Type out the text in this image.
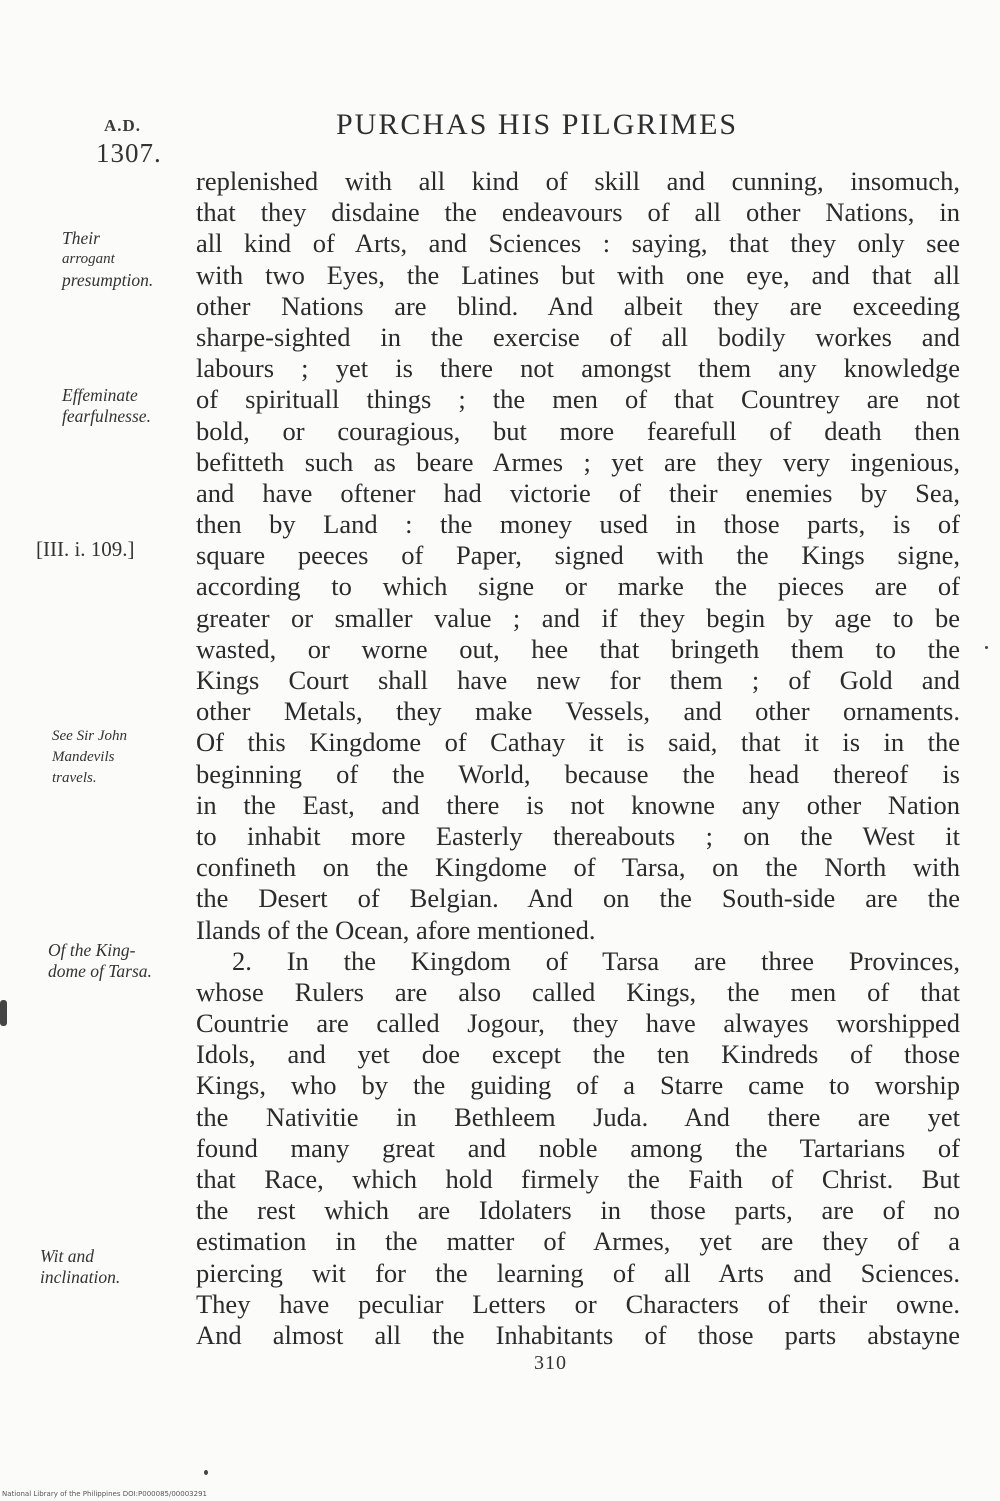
A.D.
1307.
PURCHAS HIS PILGRIMES
Their
arrogant
presumption.
Effeminate
fearfulnesse.
[III. i. 109.]
See Sir John
Mandevils
travels.
Of the King-
dome of Tarsa.
Wit and
inclination.
replenished with all kind of skill and cunning, insomuch,
that they disdaine the endeavours of all other Nations, in
all kind of Arts, and Sciences : saying, that they only see
with two Eyes, the Latines but with one eye, and that all
other Nations are blind. And albeit they are exceeding
sharpe-sighted in the exercise of all bodily workes and
labours ; yet is there not amongst them any knowledge
of spirituall things ; the men of that Countrey are not
bold, or couragious, but more fearefull of death then
befitteth such as beare Armes ; yet are they very ingenious,
and have oftener had victorie of their enemies by Sea,
then by Land : the money used in those parts, is of
square peeces of Paper, signed with the Kings signe,
according to which signe or marke the pieces are of
greater or smaller value ; and if they begin by age to be
wasted, or worne out, hee that bringeth them to the
Kings Court shall have new for them ; of Gold and
other Metals, they make Vessels, and other ornaments.
Of this Kingdome of Cathay it is said, that it is in the
beginning of the World, because the head thereof is
in the East, and there is not knowne any other Nation
to inhabit more Easterly thereabouts ; on the West it
confineth on the Kingdome of Tarsa, on the North with
the Desert of Belgian. And on the South-side are the
Ilands of the Ocean, afore mentioned.
2. In the Kingdom of Tarsa are three Provinces,
whose Rulers are also called Kings, the men of that
Countrie are called Jogour, they have alwayes worshipped
Idols, and yet doe except the ten Kindreds of those
Kings, who by the guiding of a Starre came to worship
the Nativitie in Bethleem Juda. And there are yet
found many great and noble among the Tartarians of
that Race, which hold firmely the Faith of Christ. But
the rest which are Idolaters in those parts, are of no
estimation in the matter of Armes, yet are they of a
piercing wit for the learning of all Arts and Sciences.
They have peculiar Letters or Characters of their owne.
And almost all the Inhabitants of those parts abstayne
310
National Library of the Philippines DOI:P000085/00003291
